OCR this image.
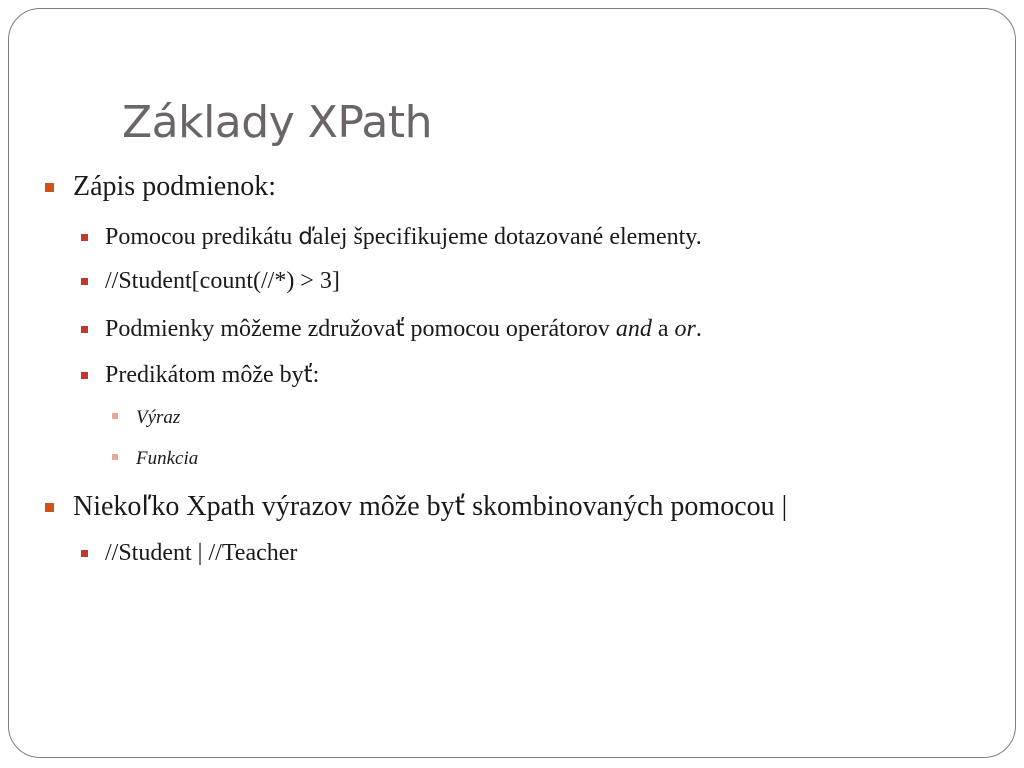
Základy XPath
Zápis podmienok:
Pomocou predikátu ďalej špecifikujeme dotazované elementy.
//Student[count(//*) > 3]
Podmienky môžeme združovať pomocou operátorov and a or.
Predikátom môže byť:
Výraz
Funkcia
Niekoľko Xpath výrazov môže byť skombinovaných pomocou |
//Student | //Teacher
